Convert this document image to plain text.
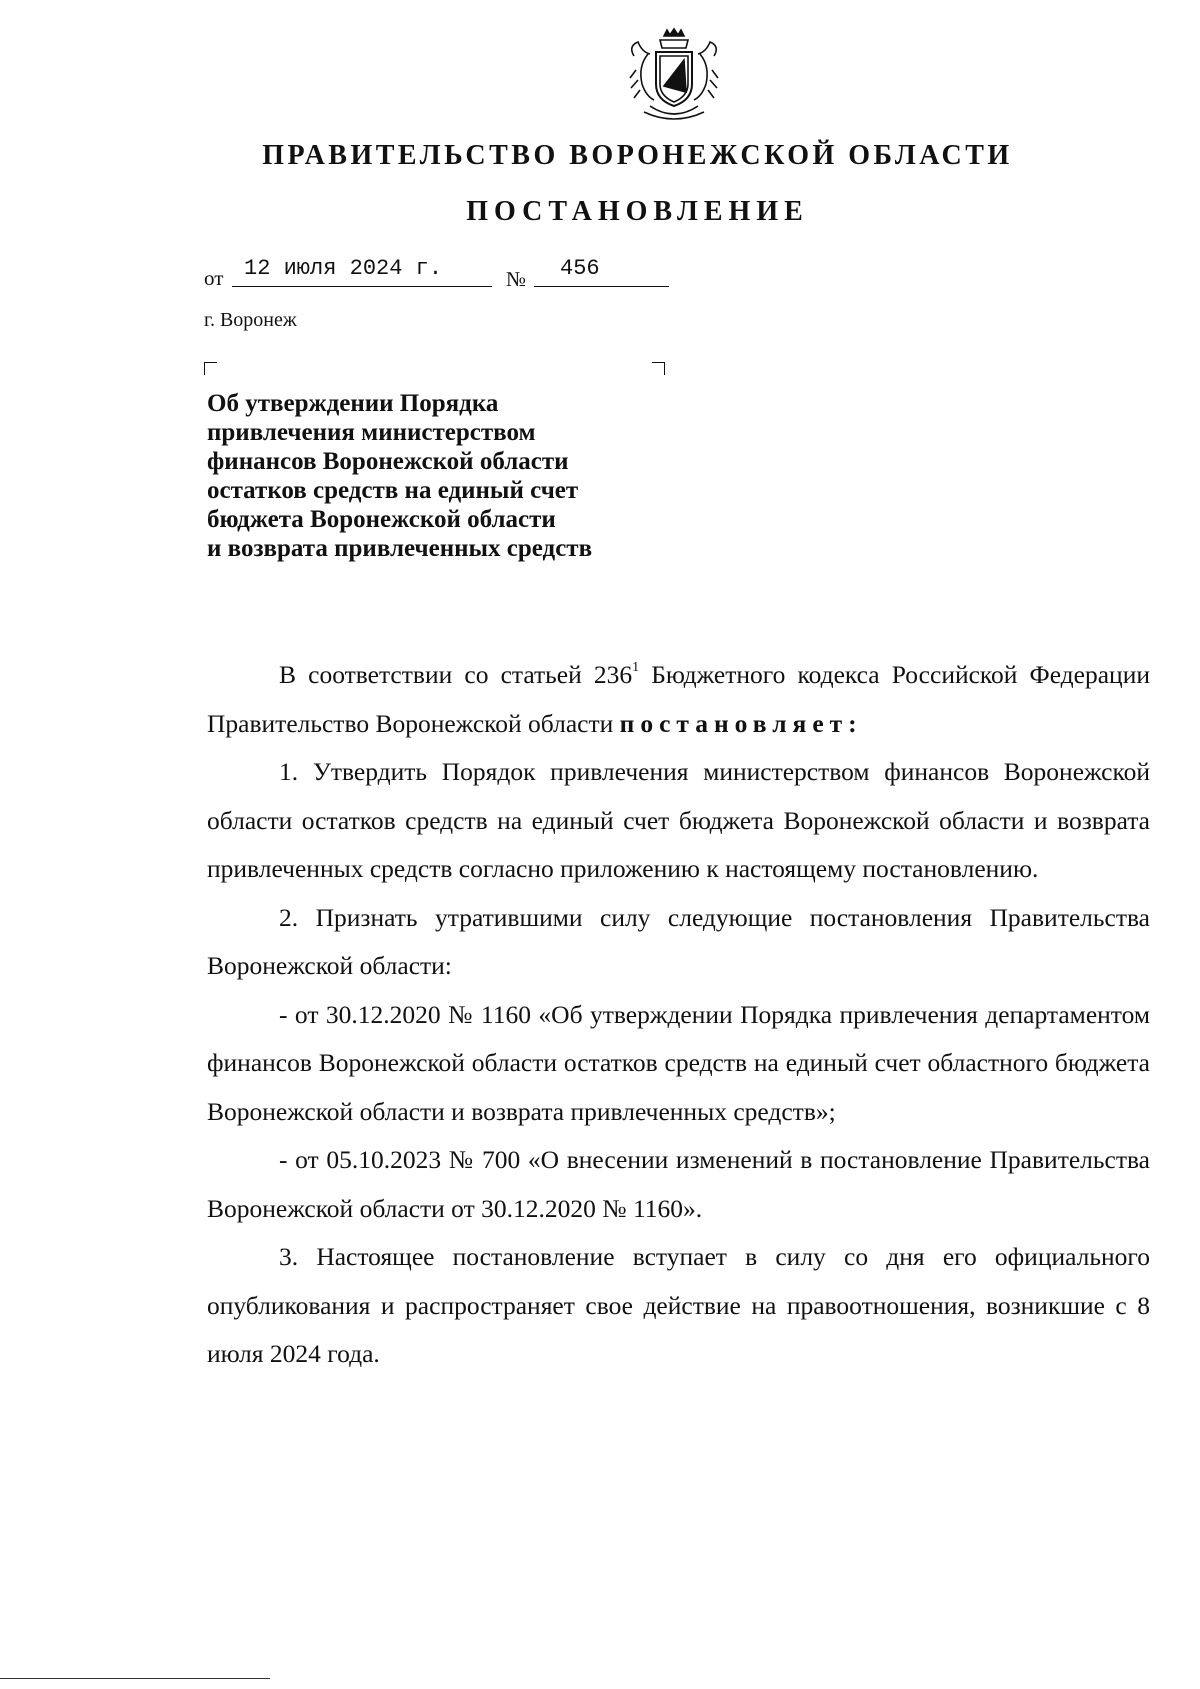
ПРАВИТЕЛЬСТВО ВОРОНЕЖСКОЙ ОБЛАСТИ
ПОСТАНОВЛЕНИЕ
от 12 июля 2024 г.	№ 456
г. Воронеж
Об утверждении Порядка
привлечения министерством
финансов Воронежской области
остатков средств на единый счет
бюджета Воронежской области
и возврата привлеченных средств

В соответствии со статьей $236^1$ Бюджетного кодекса Российской Федерации Правительство Воронежской области постановляет:

1. Утвердить Порядок привлечения министерством финансов Воронежской области остатков средств на единый счет бюджета Воронежской области и возврата привлеченных средств согласно приложению к настоящему постановлению.

2. Признать утратившими силу следующие постановления Правительства Воронежской области:

- от 30.12.2020 № 1160 «Об утверждении Порядка привлечения департаментом финансов Воронежской области остатков средств на единый счет областного бюджета Воронежской области и возврата привлеченных средств»;

- от 05.10.2023 № 700 «О внесении изменений в постановление Правительства Воронежской области от 30.12.2020 № 1160».

3. Настоящее постановление вступает в силу со дня его официального опубликования и распространяет свое действие на правоотношения, возникшие с 8 июля 2024 года.
